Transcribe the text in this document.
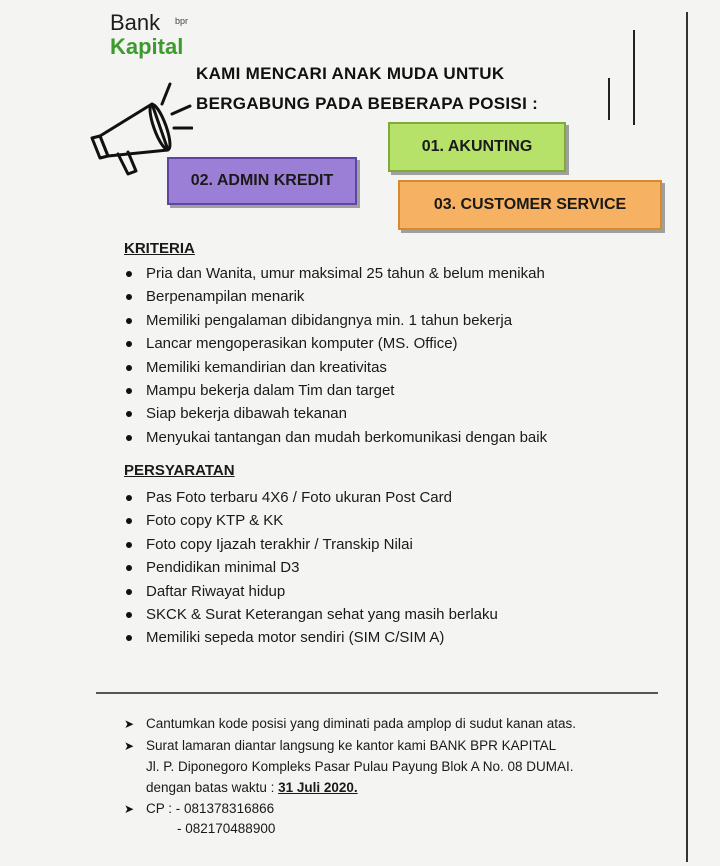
Bank bpr
Kapital
KAMI MENCARI ANAK MUDA UNTUK
BERGABUNG PADA BEBERAPA POSISI :
01. AKUNTING
02. ADMIN KREDIT
03. CUSTOMER SERVICE
KRITERIA
Pria dan Wanita, umur maksimal 25 tahun & belum menikah
Berpenampilan menarik
Memiliki pengalaman dibidangnya min. 1 tahun bekerja
Lancar mengoperasikan komputer (MS. Office)
Memiliki kemandirian dan kreativitas
Mampu bekerja dalam Tim dan target
Siap bekerja dibawah tekanan
Menyukai tantangan dan mudah berkomunikasi dengan baik
PERSYARATAN
Pas Foto terbaru 4X6 / Foto ukuran Post Card
Foto copy KTP & KK
Foto copy Ijazah terakhir / Transkip Nilai
Pendidikan minimal D3
Daftar Riwayat hidup
SKCK & Surat Keterangan sehat yang masih berlaku
Memiliki sepeda motor sendiri (SIM C/SIM A)
➤ Cantumkan kode posisi yang diminati pada amplop di sudut kanan atas.
➤ Surat lamaran diantar langsung ke kantor kami BANK BPR KAPITAL
Jl. P. Diponegoro Kompleks Pasar Pulau Payung Blok A No. 08 DUMAI.
dengan batas waktu : 31 Juli 2020.
➤ CP : - 081378316866
- 082170488900
